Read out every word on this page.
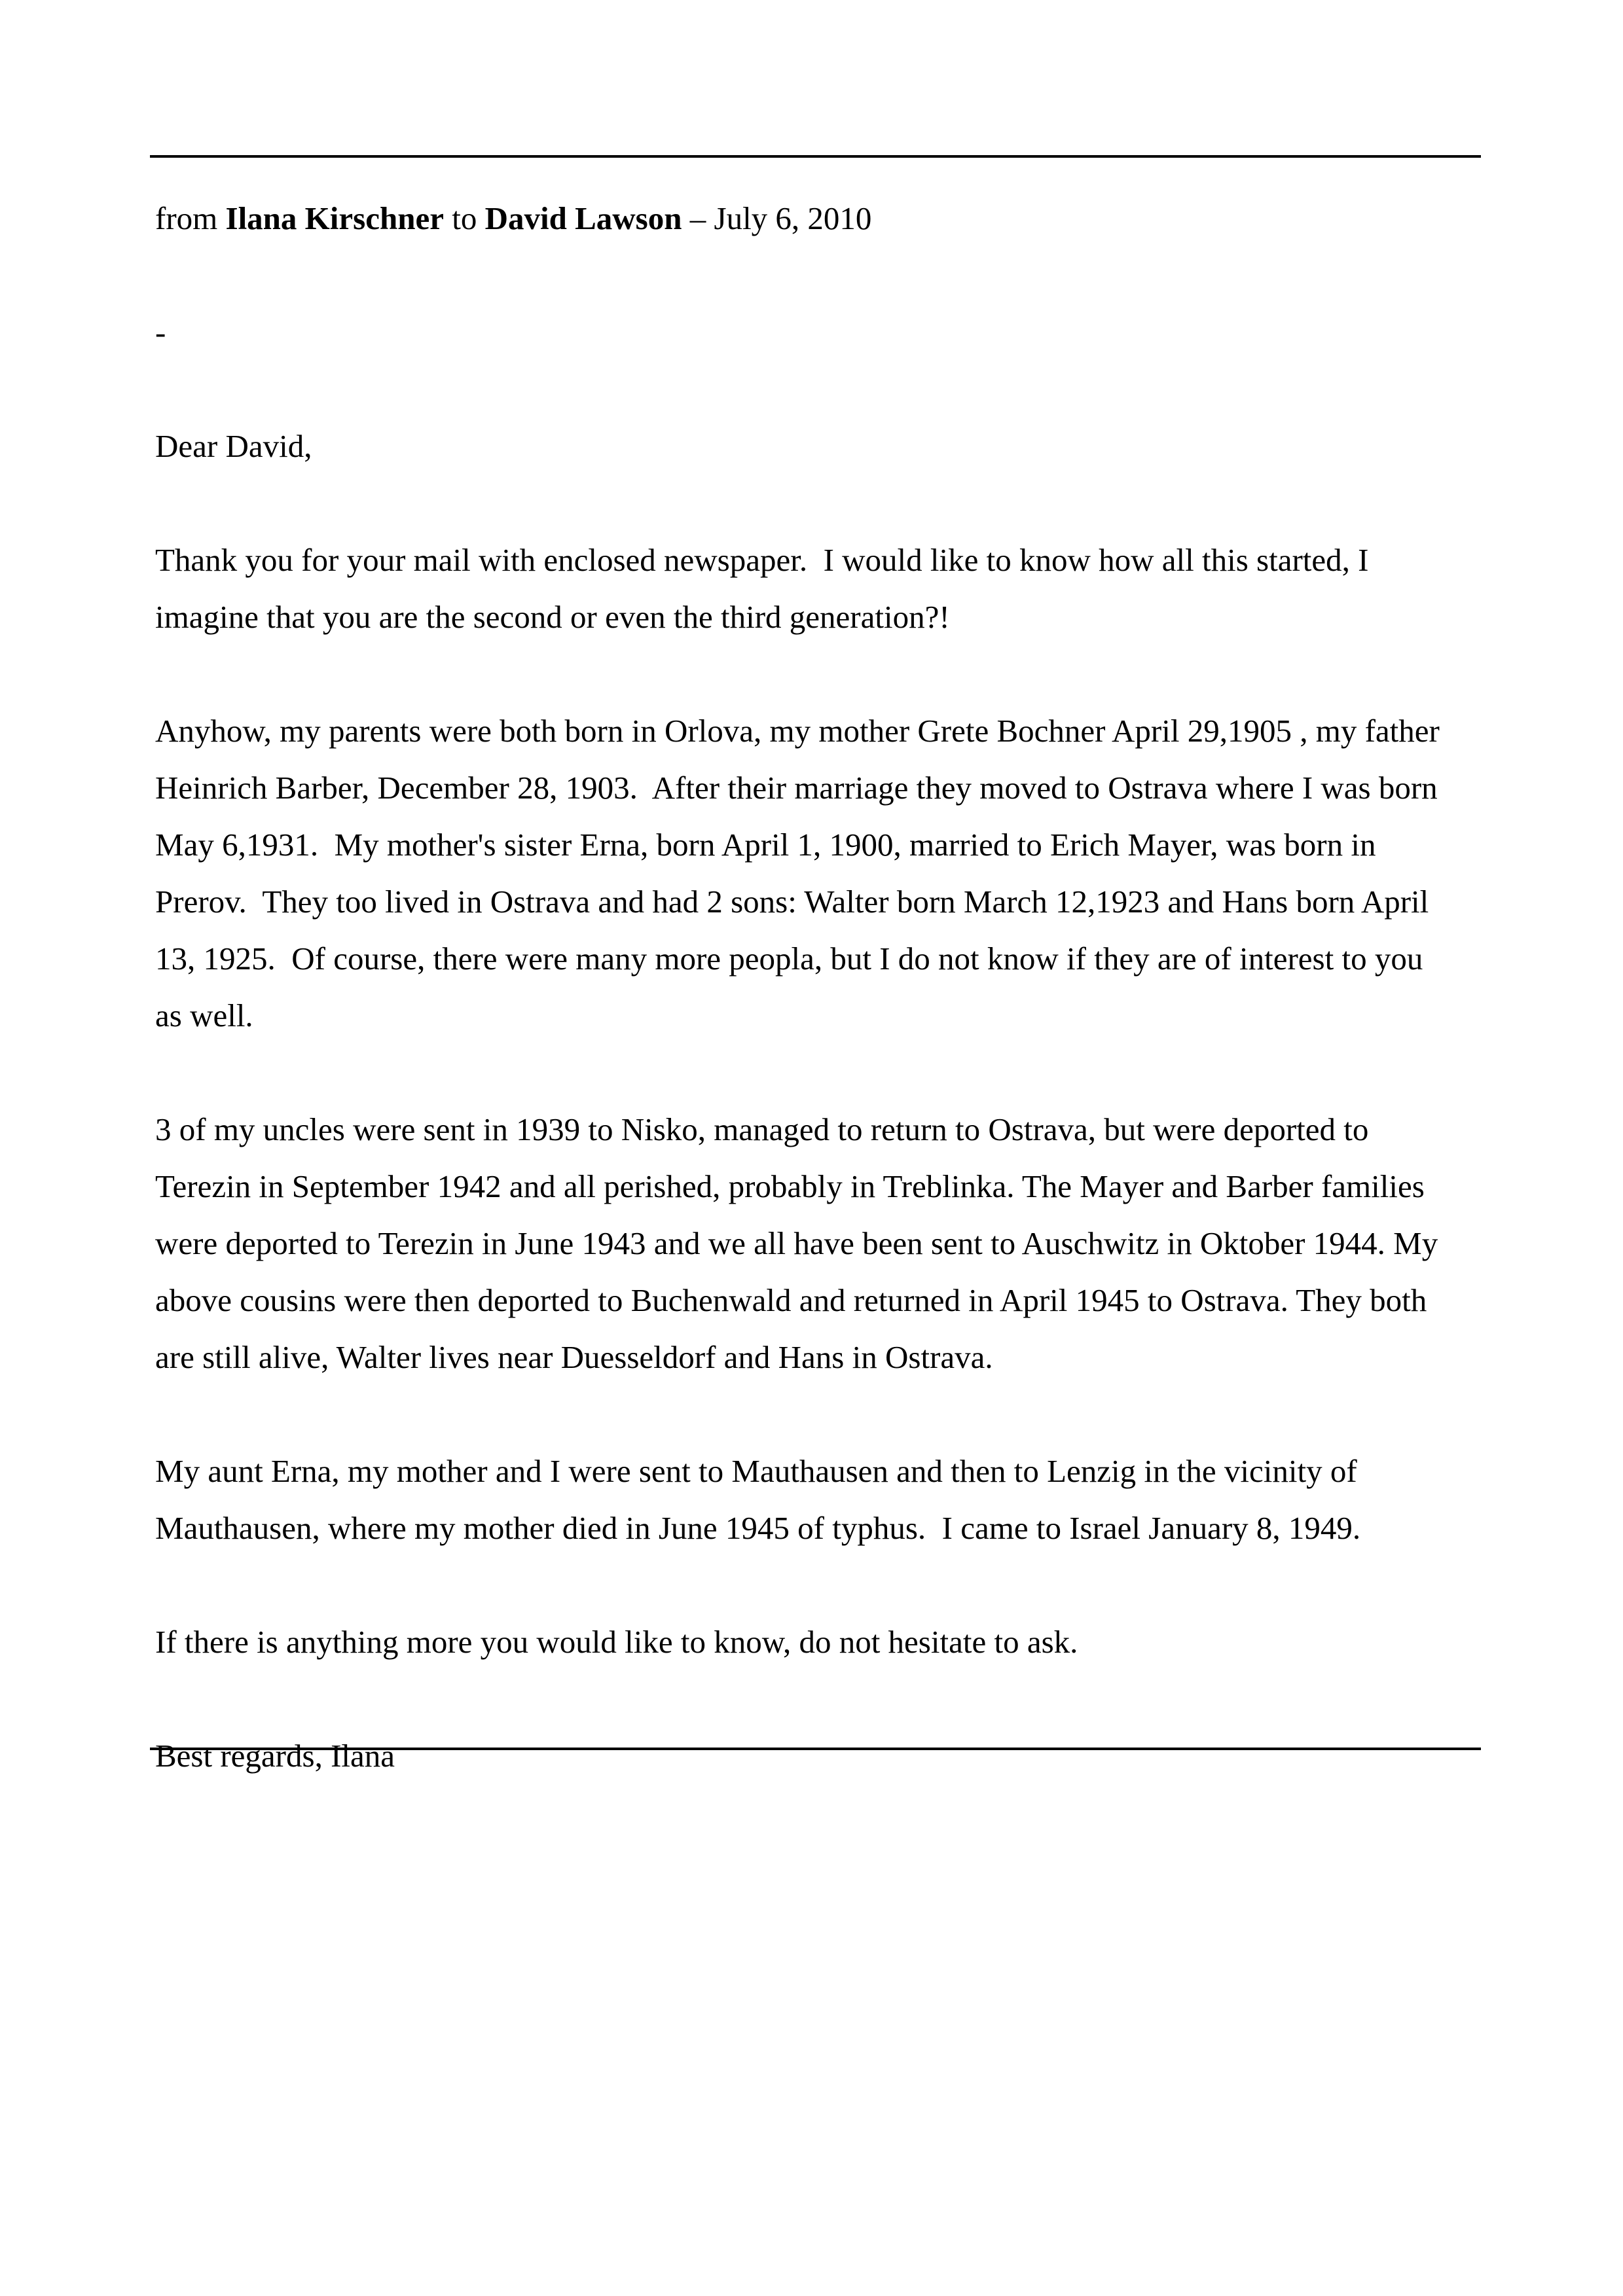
from Ilana Kirschner to David Lawson – July 6, 2010

-

Dear David,

Thank you for your mail with enclosed newspaper.  I would like to know how all this started, I

imagine that you are the second or even the third generation?!

Anyhow, my parents were both born in Orlova, my mother Grete Bochner April 29,1905 , my father

Heinrich Barber, December 28, 1903.  After their marriage they moved to Ostrava where I was born

May 6,1931.  My mother's sister Erna, born April 1, 1900, married to Erich Mayer, was born in

Prerov.  They too lived in Ostrava and had 2 sons: Walter born March 12,1923 and Hans born April

13, 1925.  Of course, there were many more peopla, but I do not know if they are of interest to you

as well.

3 of my uncles were sent in 1939 to Nisko, managed to return to Ostrava, but were deported to

Terezin in September 1942 and all perished, probably in Treblinka. The Mayer and Barber families

were deported to Terezin in June 1943 and we all have been sent to Auschwitz in Oktober 1944. My

above cousins were then deported to Buchenwald and returned in April 1945 to Ostrava. They both

are still alive, Walter lives near Duesseldorf and Hans in Ostrava.

My aunt Erna, my mother and I were sent to Mauthausen and then to Lenzig in the vicinity of

Mauthausen, where my mother died in June 1945 of typhus.  I came to Israel January 8, 1949.

If there is anything more you would like to know, do not hesitate to ask.

Best regards, Ilana
